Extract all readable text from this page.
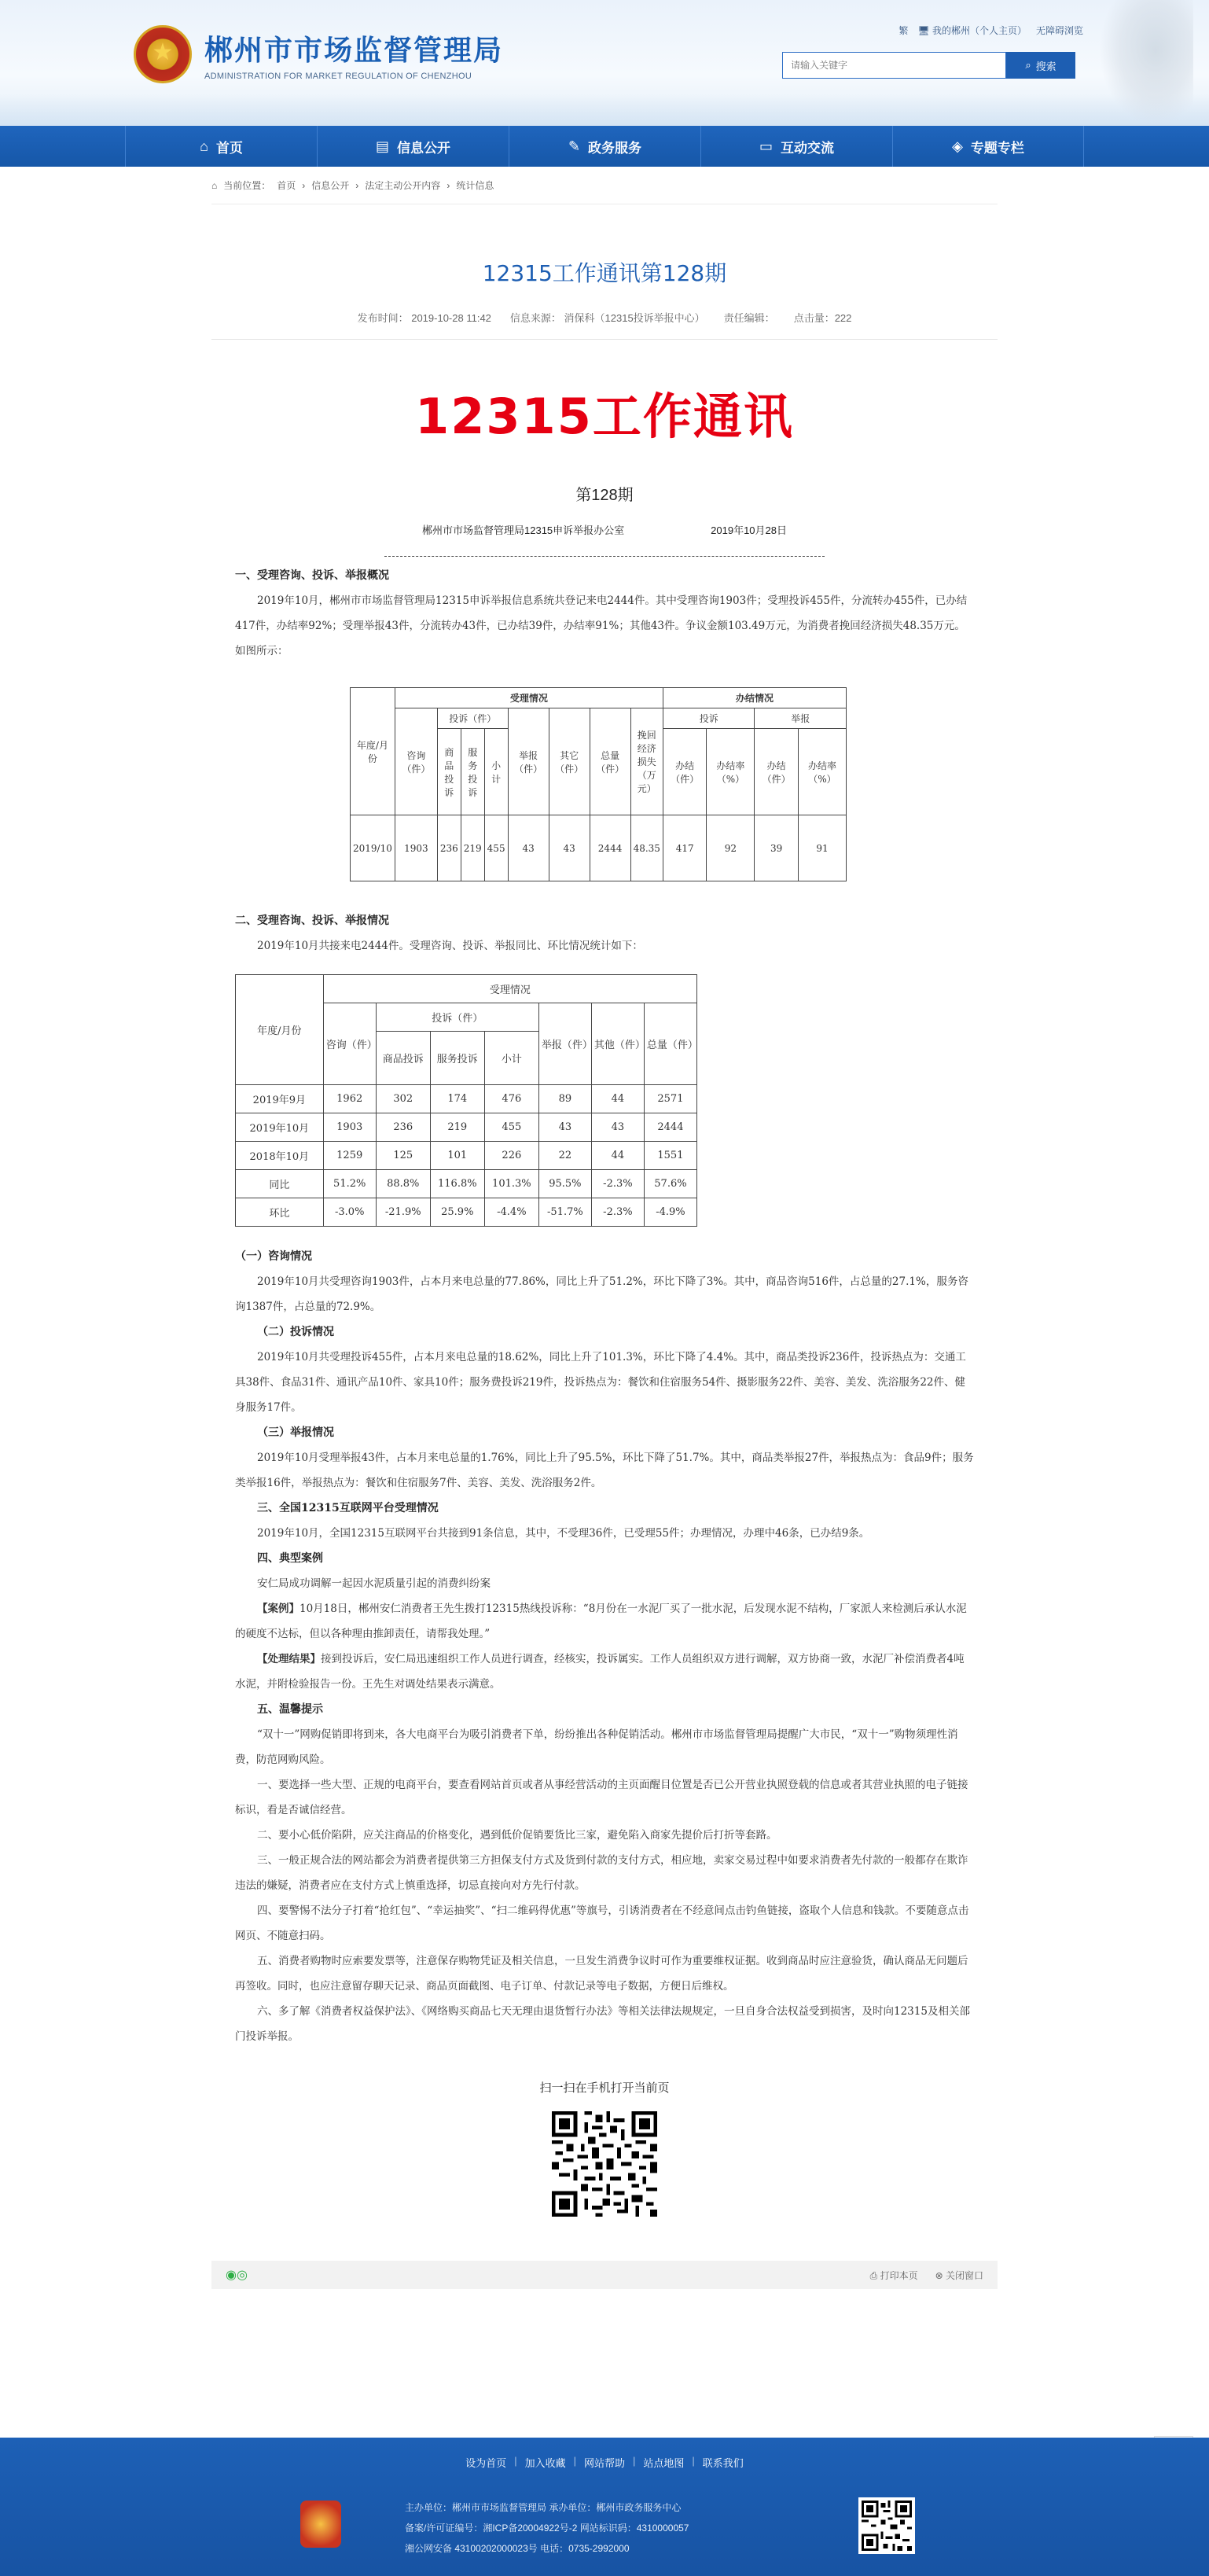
★
郴州市市场监督管理局
ADMINISTRATION FOR MARKET REGULATION OF CHENZHOU
繁 🖥 我的郴州（个人主页） 无障碍浏览
请输入关键字
⌕ 搜索
⌂ 首页	▤ 信息公开	✎ 政务服务	▭ 互动交流	◈ 专题专栏
⌂ 当前位置： 首页 › 信息公开 › 法定主动公开内容 › 统计信息
12315工作通讯第128期
发布时间： 2019-10-28 11:42 信息来源： 消保科（12315投诉举报中心） 责任编辑： 点击量：222
12315工作通讯
第128期
郴州市市场监督管理局12315申诉举报办公室	2019年10月28日
一、受理咨询、投诉、举报概况
2019年10月，郴州市市场监督管理局12315申诉举报信息系统共登记来电2444件。其中受理咨询1903件；受理投诉455件，分流转办455件，已办结417件，办结率92%；受理举报43件，分流转办43件，已办结39件，办结率91%；其他43件。争议金额103.49万元，为消费者挽回经济损失48.35万元。如图所示：
年度/月份	受理情况								办结情况			
	咨询（件）	投诉（件）			举报（件）	其它（件）	总量（件）	挽回经济损失（万元）	投诉		举报	
		商品投诉	服务投诉	小计					办结（件）	办结率（%）	办结（件）	办结率（%）
2019/10	1903	236	219	455	43	43	2444	48.35	417	92	39	91
二、受理咨询、投诉、举报情况
2019年10月共接来电2444件。受理咨询、投诉、举报同比、环比情况统计如下：
年度/月份	受理情况						
	咨询（件）	投诉（件）			举报（件）	其他（件）	总量（件）
		商品投诉	服务投诉	小计			
2019年9月	1962	302	174	476	89	44	2571
2019年10月	1903	236	219	455	43	43	2444
2018年10月	1259	125	101	226	22	44	1551
同比	51.2%	88.8%	116.8%	101.3%	95.5%	-2.3%	57.6%
环比	-3.0%	-21.9%	25.9%	-4.4%	-51.7%	-2.3%	-4.9%
（一）咨询情况
2019年10月共受理咨询1903件，占本月来电总量的77.86%，同比上升了51.2%，环比下降了3%。其中，商品咨询516件，占总量的27.1%，服务咨询1387件，占总量的72.9%。
（二）投诉情况
2019年10月共受理投诉455件，占本月来电总量的18.62%，同比上升了101.3%，环比下降了4.4%。其中，商品类投诉236件，投诉热点为：交通工具38件、食品31件、通讯产品10件、家具10件；服务费投诉219件，投诉热点为：餐饮和住宿服务54件、摄影服务22件、美容、美发、洗浴服务22件、健身服务17件。
（三）举报情况
2019年10月受理举报43件，占本月来电总量的1.76%，同比上升了95.5%，环比下降了51.7%。其中，商品类举报27件，举报热点为：食品9件；服务类举报16件，举报热点为：餐饮和住宿服务7件、美容、美发、洗浴服务2件。
三、全国12315互联网平台受理情况
2019年10月，全国12315互联网平台共接到91条信息，其中，不受理36件，已受理55件；办理情况，办理中46条，已办结9条。
四、典型案例
安仁局成功调解一起因水泥质量引起的消费纠纷案
【案例】10月18日，郴州安仁消费者王先生拨打12315热线投诉称：“8月份在一水泥厂买了一批水泥，后发现水泥不结构，厂家派人来检测后承认水泥的硬度不达标，但以各种理由推卸责任，请帮我处理。”
【处理结果】接到投诉后，安仁局迅速组织工作人员进行调查，经核实，投诉属实。工作人员组织双方进行调解，双方协商一致，水泥厂补偿消费者4吨水泥，并附检验报告一份。王先生对调处结果表示满意。
五、温馨提示
“双十一”网购促销即将到来，各大电商平台为吸引消费者下单，纷纷推出各种促销活动。郴州市市场监督管理局提醒广大市民，“双十一”购物须理性消费，防范网购风险。
一、要选择一些大型、正规的电商平台，要查看网站首页或者从事经营活动的主页面醒目位置是否已公开营业执照登载的信息或者其营业执照的电子链接标识，看是否诚信经营。
二、要小心低价陷阱，应关注商品的价格变化，遇到低价促销要货比三家，避免陷入商家先提价后打折等套路。
三、一般正规合法的网站都会为消费者提供第三方担保支付方式及货到付款的支付方式，相应地，卖家交易过程中如要求消费者先付款的一般都存在欺诈违法的嫌疑，消费者应在支付方式上慎重选择，切忌直接向对方先行付款。
四、要警惕不法分子打着“抢红包”、“幸运抽奖”、“扫二维码得优惠”等旗号，引诱消费者在不经意间点击钓鱼链接，盗取个人信息和钱款。不要随意点击网页、不随意扫码。
五、消费者购物时应索要发票等，注意保存购物凭证及相关信息，一旦发生消费争议时可作为重要维权证据。收到商品时应注意验货，确认商品无问题后再签收。同时，也应注意留存聊天记录、商品页面截图、电子订单、付款记录等电子数据，方便日后维权。
六、多了解《消费者权益保护法》、《网络购买商品七天无理由退货暂行办法》等相关法律法规规定，一旦自身合法权益受到损害，及时向12315及相关部门投诉举报。
扫一扫在手机打开当前页
◉◎	⎙ 打印本页 ⊗ 关闭窗口
设为首页 | 加入收藏 | 网站帮助 | 站点地图 | 联系我们
主办单位：郴州市市场监督管理局 承办单位：郴州市政务服务中心
备案/许可证编号：湘ICP备20004922号-2 网站标识码：4310000057
湘公网安备 43100202000023号 电话：0735-2992000
